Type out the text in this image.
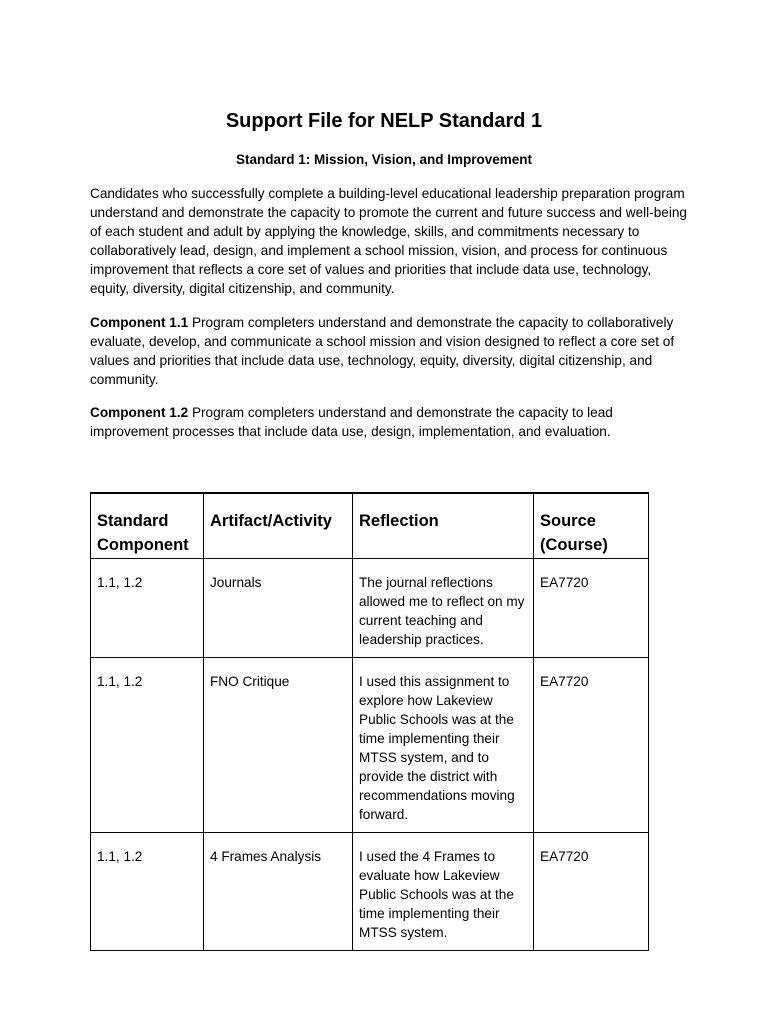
Support File for NELP Standard 1
Standard 1: Mission, Vision, and Improvement

Candidates who successfully complete a building-level educational leadership preparation program understand and demonstrate the capacity to promote the current and future success and well-being of each student and adult by applying the knowledge, skills, and commitments necessary to collaboratively lead, design, and implement a school mission, vision, and process for continuous improvement that reflects a core set of values and priorities that include data use, technology, equity, diversity, digital citizenship, and community.

Component 1.1 Program completers understand and demonstrate the capacity to collaboratively evaluate, develop, and communicate a school mission and vision designed to reflect a core set of values and priorities that include data use, technology, equity, diversity, digital citizenship, and community.

Component 1.2 Program completers understand and demonstrate the capacity to lead improvement processes that include data use, design, implementation, and evaluation.

Standard Component	Artifact/Activity	Reflection	Source (Course)
1.1, 1.2	Journals	The journal reflections allowed me to reflect on my current teaching and leadership practices.	EA7720
1.1, 1.2	FNO Critique	I used this assignment to explore how Lakeview Public Schools was at the time implementing their MTSS system, and to provide the district with recommendations moving forward.	EA7720
1.1, 1.2	4 Frames Analysis	I used the 4 Frames to evaluate how Lakeview Public Schools was at the time implementing their MTSS system.	EA7720
